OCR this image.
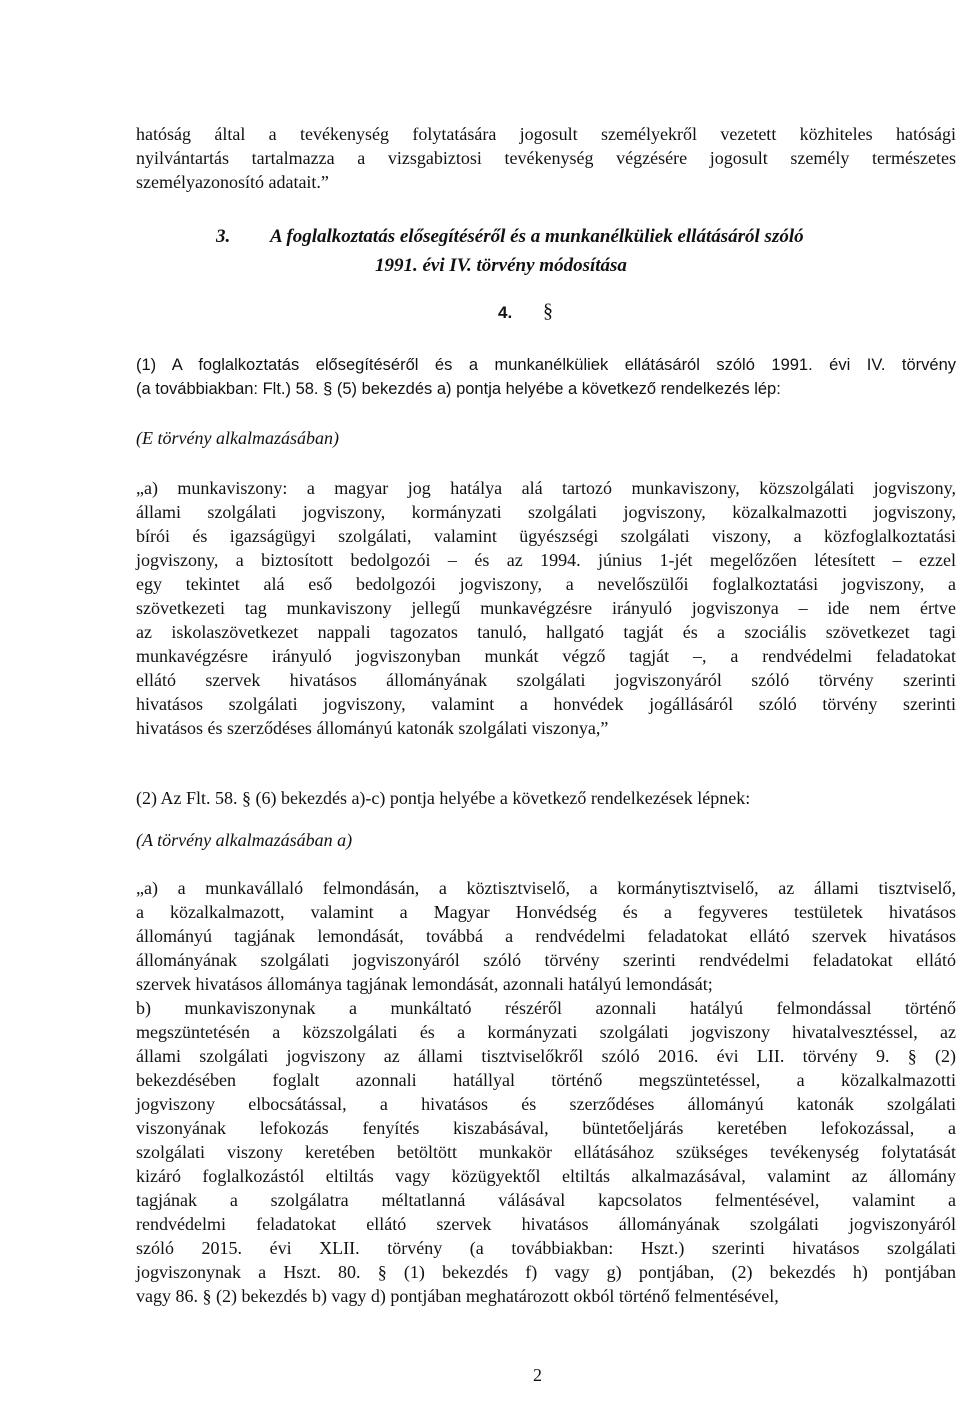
hatóság által a tevékenység folytatására jogosult személyekről vezetett közhiteles hatósági
nyilvántartás tartalmazza a vizsgabiztosi tevékenység végzésére jogosult személy természetes
személyazonosító adatait.”
3. A foglalkoztatás elősegítéséről és a munkanélküliek ellátásáról szóló
1991. évi IV. törvény módosítása
4. §
(1) A foglalkoztatás elősegítéséről és a munkanélküliek ellátásáról szóló 1991. évi IV. törvény
(a továbbiakban: Flt.) 58. § (5) bekezdés a) pontja helyébe a következő rendelkezés lép:
(E törvény alkalmazásában)
„a) munkaviszony: a magyar jog hatálya alá tartozó munkaviszony, közszolgálati jogviszony,
állami szolgálati jogviszony, kormányzati szolgálati jogviszony, közalkalmazotti jogviszony,
bírói és igazságügyi szolgálati, valamint ügyészségi szolgálati viszony, a közfoglalkoztatási
jogviszony, a biztosított bedolgozói – és az 1994. június 1-jét megelőzően létesített – ezzel
egy tekintet alá eső bedolgozói jogviszony, a nevelőszülői foglalkoztatási jogviszony, a
szövetkezeti tag munkaviszony jellegű munkavégzésre irányuló jogviszonya – ide nem értve
az iskolaszövetkezet nappali tagozatos tanuló, hallgató tagját és a szociális szövetkezet tagi
munkavégzésre irányuló jogviszonyban munkát végző tagját –, a rendvédelmi feladatokat
ellátó szervek hivatásos állományának szolgálati jogviszonyáról szóló törvény szerinti
hivatásos szolgálati jogviszony, valamint a honvédek jogállásáról szóló törvény szerinti
hivatásos és szerződéses állományú katonák szolgálati viszonya,”
(2) Az Flt. 58. § (6) bekezdés a)-c) pontja helyébe a következő rendelkezések lépnek:
(A törvény alkalmazásában a)
„a) a munkavállaló felmondásán, a köztisztviselő, a kormánytisztviselő, az állami tisztviselő,
a közalkalmazott, valamint a Magyar Honvédség és a fegyveres testületek hivatásos
állományú tagjának lemondását, továbbá a rendvédelmi feladatokat ellátó szervek hivatásos
állományának szolgálati jogviszonyáról szóló törvény szerinti rendvédelmi feladatokat ellátó
szervek hivatásos állománya tagjának lemondását, azonnali hatályú lemondását;
b) munkaviszonynak a munkáltató részéről azonnali hatályú felmondással történő
megszüntetésén a közszolgálati és a kormányzati szolgálati jogviszony hivatalvesztéssel, az
állami szolgálati jogviszony az állami tisztviselőkről szóló 2016. évi LII. törvény 9. § (2)
bekezdésében foglalt azonnali hatállyal történő megszüntetéssel, a közalkalmazotti
jogviszony elbocsátással, a hivatásos és szerződéses állományú katonák szolgálati
viszonyának lefokozás fenyítés kiszabásával, büntetőeljárás keretében lefokozással, a
szolgálati viszony keretében betöltött munkakör ellátásához szükséges tevékenység folytatását
kizáró foglalkozástól eltiltás vagy közügyektől eltiltás alkalmazásával, valamint az állomány
tagjának a szolgálatra méltatlanná válásával kapcsolatos felmentésével, valamint a
rendvédelmi feladatokat ellátó szervek hivatásos állományának szolgálati jogviszonyáról
szóló 2015. évi XLII. törvény (a továbbiakban: Hszt.) szerinti hivatásos szolgálati
jogviszonynak a Hszt. 80. § (1) bekezdés f) vagy g) pontjában, (2) bekezdés h) pontjában
vagy 86. § (2) bekezdés b) vagy d) pontjában meghatározott okból történő felmentésével,
2
